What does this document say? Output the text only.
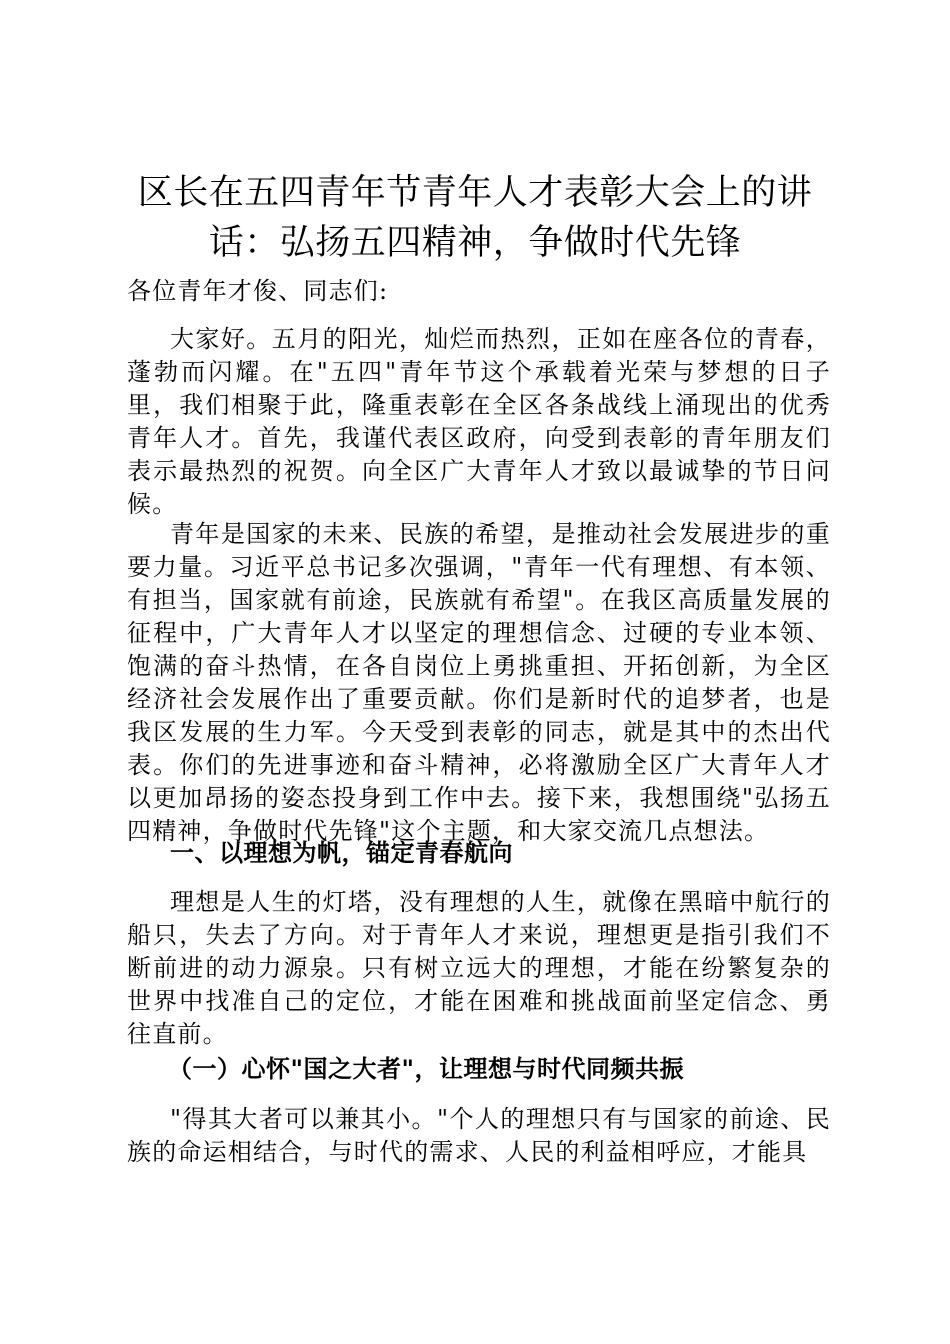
区长在五四青年节青年人才表彰大会上的讲话：弘扬五四精神，争做时代先锋

各位青年才俊、同志们:

大家好。五月的阳光，灿烂而热烈，正如在座各位的青春，蓬勃而闪耀。在"五四"青年节这个承载着光荣与梦想的日子里，我们相聚于此，隆重表彰在全区各条战线上涌现出的优秀青年人才。首先，我谨代表区政府，向受到表彰的青年朋友们表示最热烈的祝贺。向全区广大青年人才致以最诚挚的节日问候。

青年是国家的未来、民族的希望，是推动社会发展进步的重要力量。习近平总书记多次强调，"青年一代有理想、有本领、有担当，国家就有前途，民族就有希望"。在我区高质量发展的征程中，广大青年人才以坚定的理想信念、过硬的专业本领、饱满的奋斗热情，在各自岗位上勇挑重担、开拓创新，为全区经济社会发展作出了重要贡献。你们是新时代的追梦者，也是我区发展的生力军。今天受到表彰的同志，就是其中的杰出代表。你们的先进事迹和奋斗精神，必将激励全区广大青年人才以更加昂扬的姿态投身到工作中去。接下来，我想围绕"弘扬五四精神，争做时代先锋"这个主题，和大家交流几点想法。

一、以理想为帆，锚定青春航向

理想是人生的灯塔，没有理想的人生，就像在黑暗中航行的船只，失去了方向。对于青年人才来说，理想更是指引我们不断前进的动力源泉。只有树立远大的理想，才能在纷繁复杂的世界中找准自己的定位，才能在困难和挑战面前坚定信念、勇往直前。

（一）心怀"国之大者"，让理想与时代同频共振

"得其大者可以兼其小。"个人的理想只有与国家的前途、民族的命运相结合，与时代的需求、人民的利益相呼应，才能具
